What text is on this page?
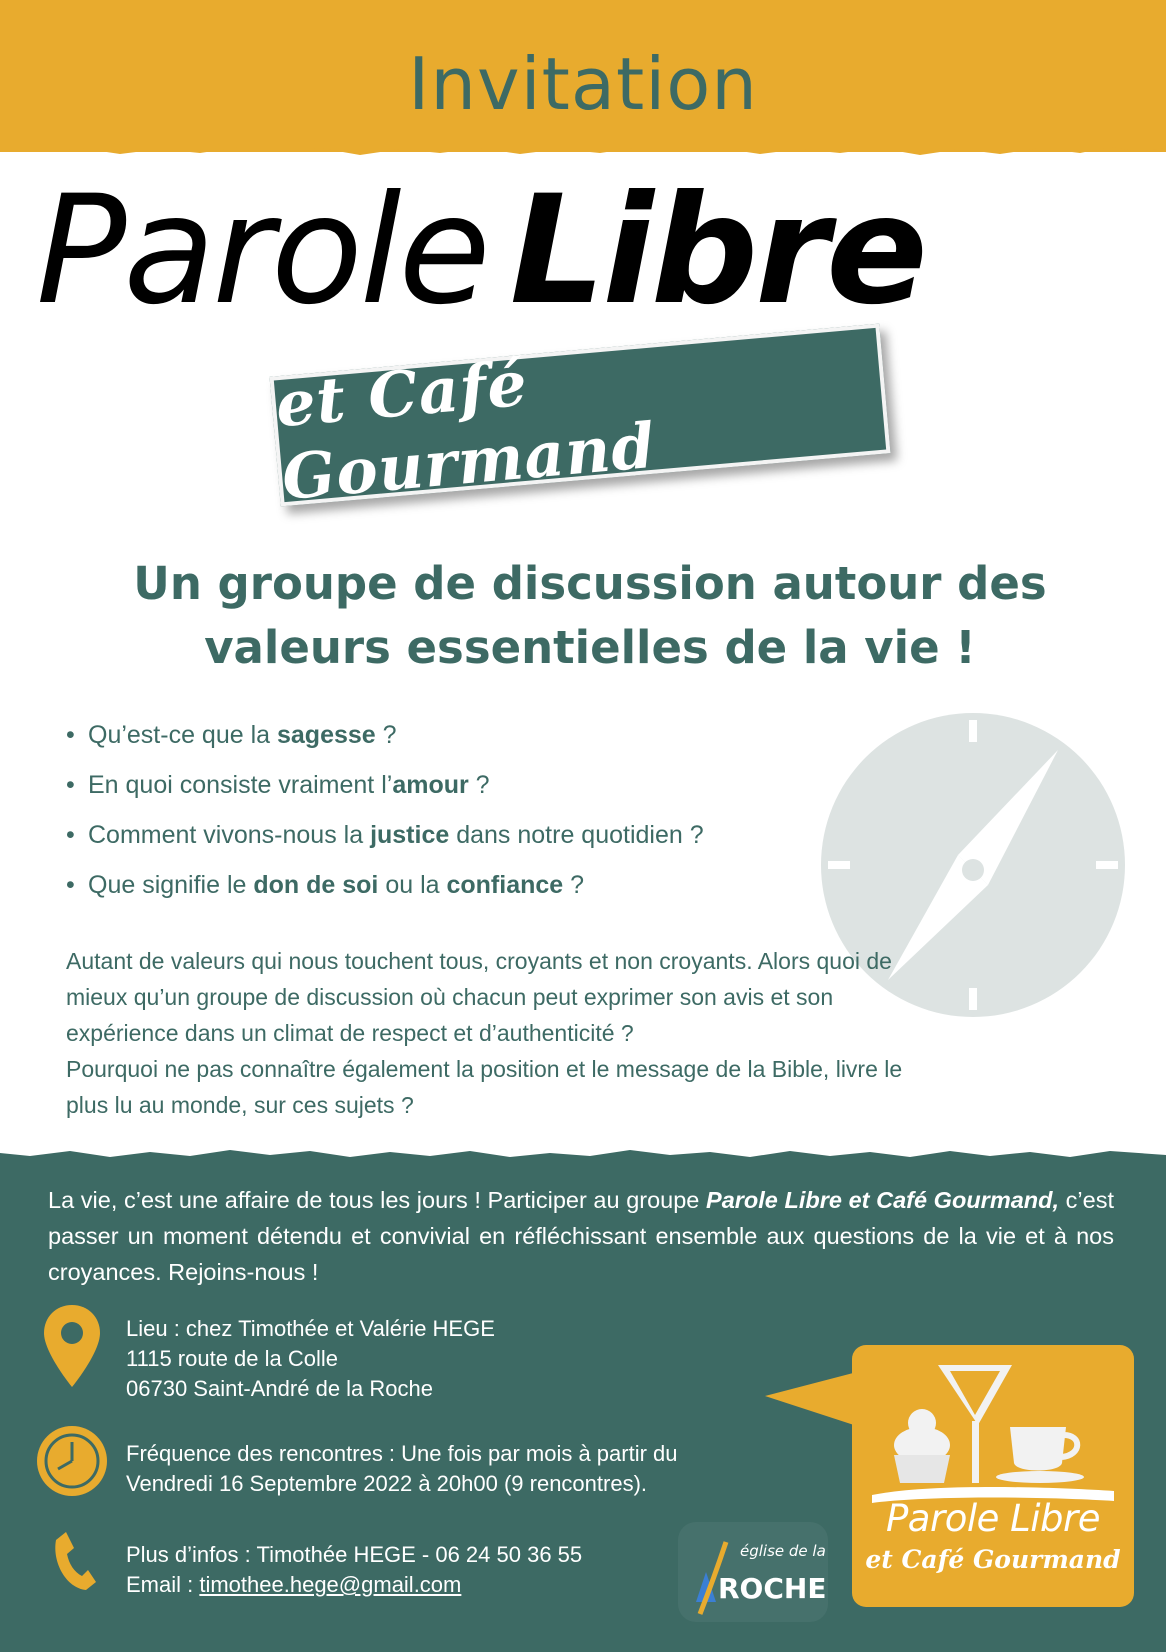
Invitation
Parole Libre
et Café Gourmand
Un groupe de discussion autour des
valeurs essentielles de la vie !
• Qu’est-ce que la sagesse ?
• En quoi consiste vraiment l’amour ?
• Comment vivons-nous la justice dans notre quotidien ?
• Que signifie le don de soi ou la confiance ?
Autant de valeurs qui nous touchent tous, croyants et non croyants. Alors quoi de
mieux qu’un groupe de discussion où chacun peut exprimer son avis et son
expérience dans un climat de respect et d’authenticité ?
Pourquoi ne pas connaître également la position et le message de la Bible, livre le
plus lu au monde, sur ces sujets ?
La vie, c’est une affaire de tous les jours ! Participer au groupe Parole Libre et Café Gourmand, c’est passer un moment détendu et convivial en réfléchissant ensemble aux questions de la vie et à nos croyances. Rejoins-nous !
Lieu : chez Timothée et Valérie HEGE
1115 route de la Colle
06730 Saint-André de la Roche
Fréquence des rencontres : Une fois par mois à partir du
Vendredi 16 Septembre 2022 à 20h00 (9 rencontres).
Plus d’infos : Timothée HEGE - 06 24 50 36 55
Email : timothee.hege@gmail.com
église de la
ROCHE
Parole Libre
et Café Gourmand
